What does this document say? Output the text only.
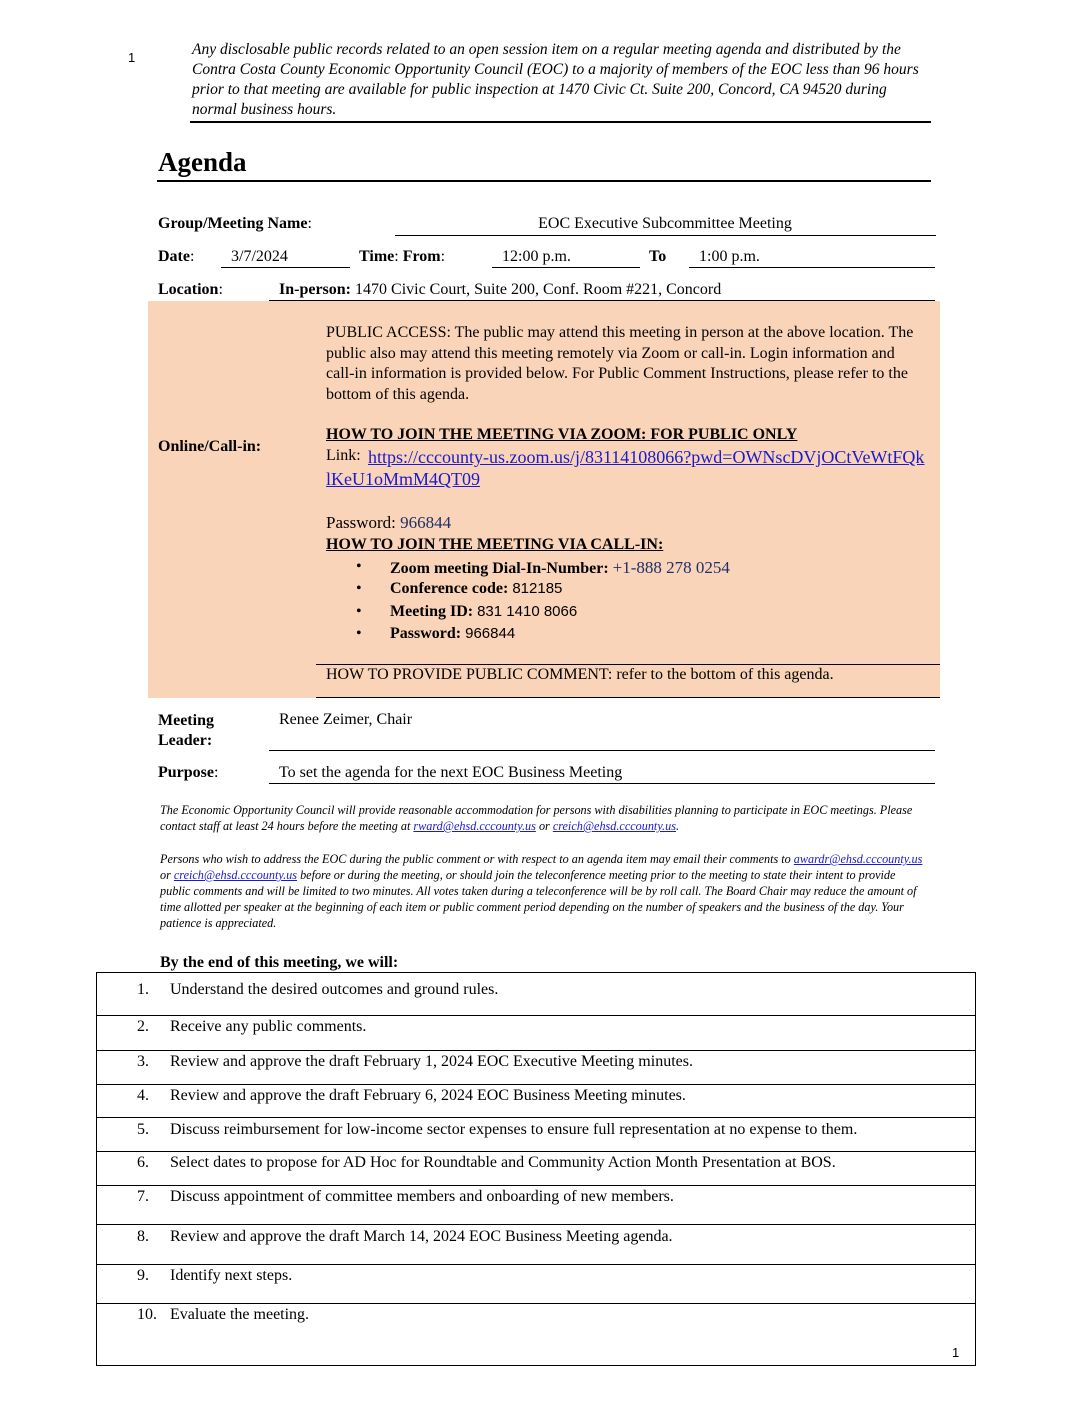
1	Any disclosable public records related to an open session item on a regular meeting agenda and distributed by the Contra Costa County Economic Opportunity Council (EOC) to a majority of members of the EOC less than 96 hours prior to that meeting are available for public inspection at 1470 Civic Ct. Suite 200, Concord, CA 94520 during normal business hours.
Agenda
Group/Meeting Name:	EOC Executive Subcommittee Meeting
Date: 3/7/2024	Time: From:	12:00 p.m.	To 1:00 p.m.
Location:	In-person: 1470 Civic Court, Suite 200, Conf. Room #221, Concord
Online/Call-in:
PUBLIC ACCESS: The public may attend this meeting in person at the above location. The public also may attend this meeting remotely via Zoom or call-in. Login information and call-in information is provided below. For Public Comment Instructions, please refer to the bottom of this agenda.
HOW TO JOIN THE MEETING VIA ZOOM: FOR PUBLIC ONLY
Link: https://cccounty-us.zoom.us/j/83114108066?pwd=OWNscDVjOCtVeWtFQklKeU1oMmM4QT09
Password: 966844
HOW TO JOIN THE MEETING VIA CALL-IN:
• Zoom meeting Dial-In-Number: +1-888 278 0254
• Conference code: 812185
• Meeting ID: 831 1410 8066
• Password: 966844
HOW TO PROVIDE PUBLIC COMMENT: refer to the bottom of this agenda.
Meeting
Leader:
Renee Zeimer, Chair
Purpose:	To set the agenda for the next EOC Business Meeting
The Economic Opportunity Council will provide reasonable accommodation for persons with disabilities planning to participate in EOC meetings. Please contact staff at least 24 hours before the meeting at rward@ehsd.cccounty.us or creich@ehsd.cccounty.us.
Persons who wish to address the EOC during the public comment or with respect to an agenda item may email their comments to awardr@ehsd.cccounty.us or creich@ehsd.cccounty.us before or during the meeting, or should join the teleconference meeting prior to the meeting to state their intent to provide public comments and will be limited to two minutes. All votes taken during a teleconference will be by roll call. The Board Chair may reduce the amount of time allotted per speaker at the beginning of each item or public comment period depending on the number of speakers and the business of the day. Your patience is appreciated.
By the end of this meeting, we will:
1. Understand the desired outcomes and ground rules.
2. Receive any public comments.
3. Review and approve the draft February 1, 2024 EOC Executive Meeting minutes.
4. Review and approve the draft February 6, 2024 EOC Business Meeting minutes.
5. Discuss reimbursement for low-income sector expenses to ensure full representation at no expense to them.
6. Select dates to propose for AD Hoc for Roundtable and Community Action Month Presentation at BOS.
7. Discuss appointment of committee members and onboarding of new members.
8. Review and approve the draft March 14, 2024 EOC Business Meeting agenda.
9. Identify next steps.
10. Evaluate the meeting.
1
